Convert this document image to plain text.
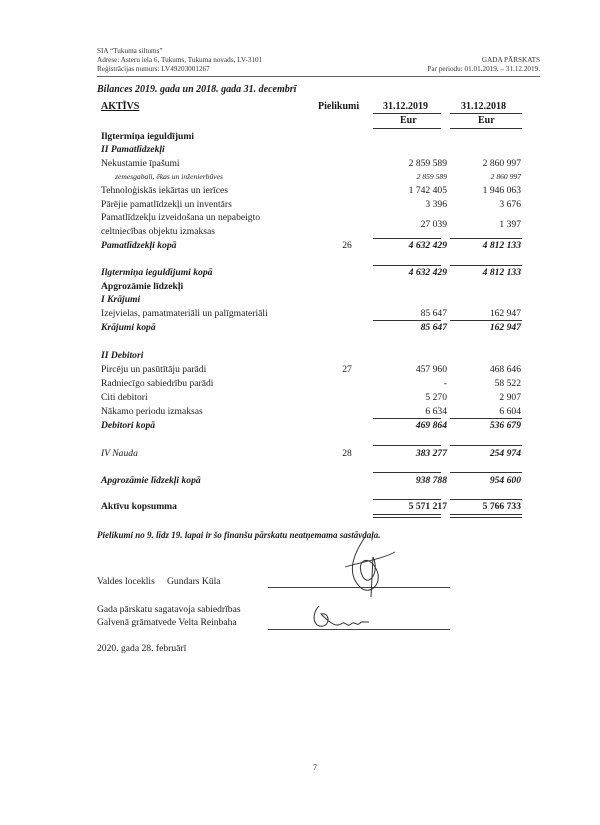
SIA “Tukuma siltums”
Adrese: Asteru iela 6, Tukums, Tukuma novads, LV-3101
Reģistrācijas numurs: LV49203001267
GADA PĀRSKATS
Par periodu: 01.01.2019. – 31.12.2019.
Bilances 2019. gada un 2018. gada 31. decembrī
AKTĪVS	Pielikumi 31.12.2019	31.12.2018
Eur	Eur
Ilgtermiņa ieguldījumi
II Pamatlīdzekļi
Nekustamie īpašumi	2 859 589	2 860 997
zemesgabali, ēkas un inženierbūves	2 859 589	2 860 997
Tehnoloģiskās iekārtas un ierīces	1 742 405	1 946 063
Pārējie pamatlīdzekļi un inventārs	3 396	3 676
Pamatlīdzekļu izveidošana un nepabeigto
celtniecības objektu izmaksas
27 039	1 397
Pamatlīdzekļi kopā	26	4 632 429	4 812 133
Ilgtermiņa ieguldījumi kopā	4 632 429	4 812 133
Apgrozāmie līdzekļi
I Krājumi
Izejvielas, pamatmateriāli un palīgmateriāli	85 647	162 947
Krājumi kopā	85 647	162 947
II Debitori
Pircēju un pasūtītāju parādi	27	457 960	468 646
Radniecīgo sabiedrību parādi	-	58 522
Citi debitori	5 270	2 907
Nākamo periodu izmaksas	6 634	6 604
Debitori kopā	469 864	536 679
IV Nauda	28	383 277	254 974
Apgrozāmie līdzekļi kopā	938 788	954 600
Aktīvu kopsumma	5 571 217	5 766 733
Pielikumi no 9. līdz 19. lapai ir šo finanšu pārskatu neatņemama sastāvdaļa.
Valdes loceklis Gundars Kūla
Gada pārskatu sagatavoja sabiedrības
Galvenā grāmatvede Velta Reinbaha
2020. gada 28. februārī
7
